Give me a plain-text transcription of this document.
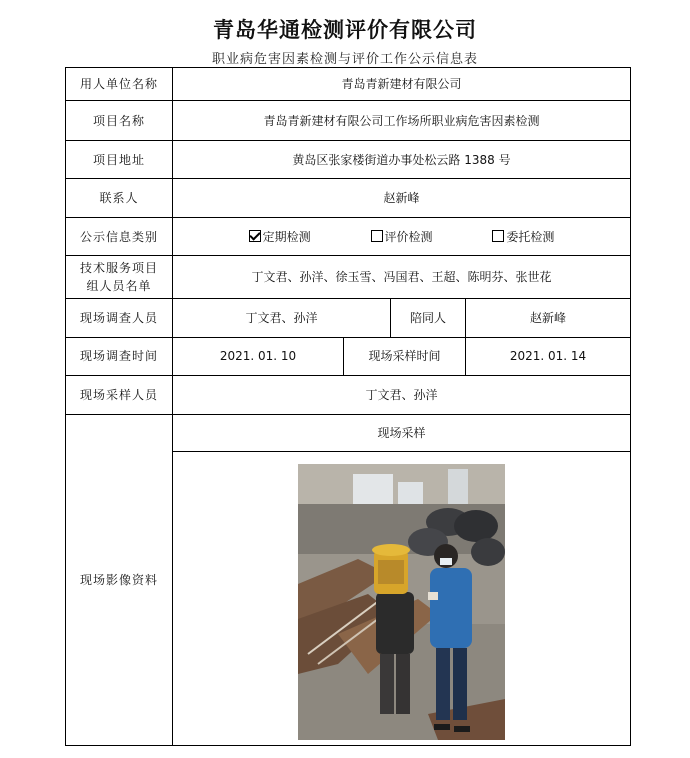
青岛华通检测评价有限公司
职业病危害因素检测与评价工作公示信息表
用人单位名称	青岛青新建材有限公司			
项目名称	青岛青新建材有限公司工作场所职业病危害因素检测			
项目地址	黄岛区张家楼街道办事处松云路 1388 号			
联系人	赵新峰			
公示信息类别	定期检测 评价检测 委托检测			
技术服务项目
组人员名单	丁文君、孙洋、徐玉雪、冯国君、王超、陈明芬、张世花			
现场调查人员	丁文君、孙洋		陪同人	赵新峰
现场调查时间	2021. 01. 10	现场采样时间		2021. 01. 14
现场采样人员	丁文君、孙洋			
现场影像资料	现场采样			
